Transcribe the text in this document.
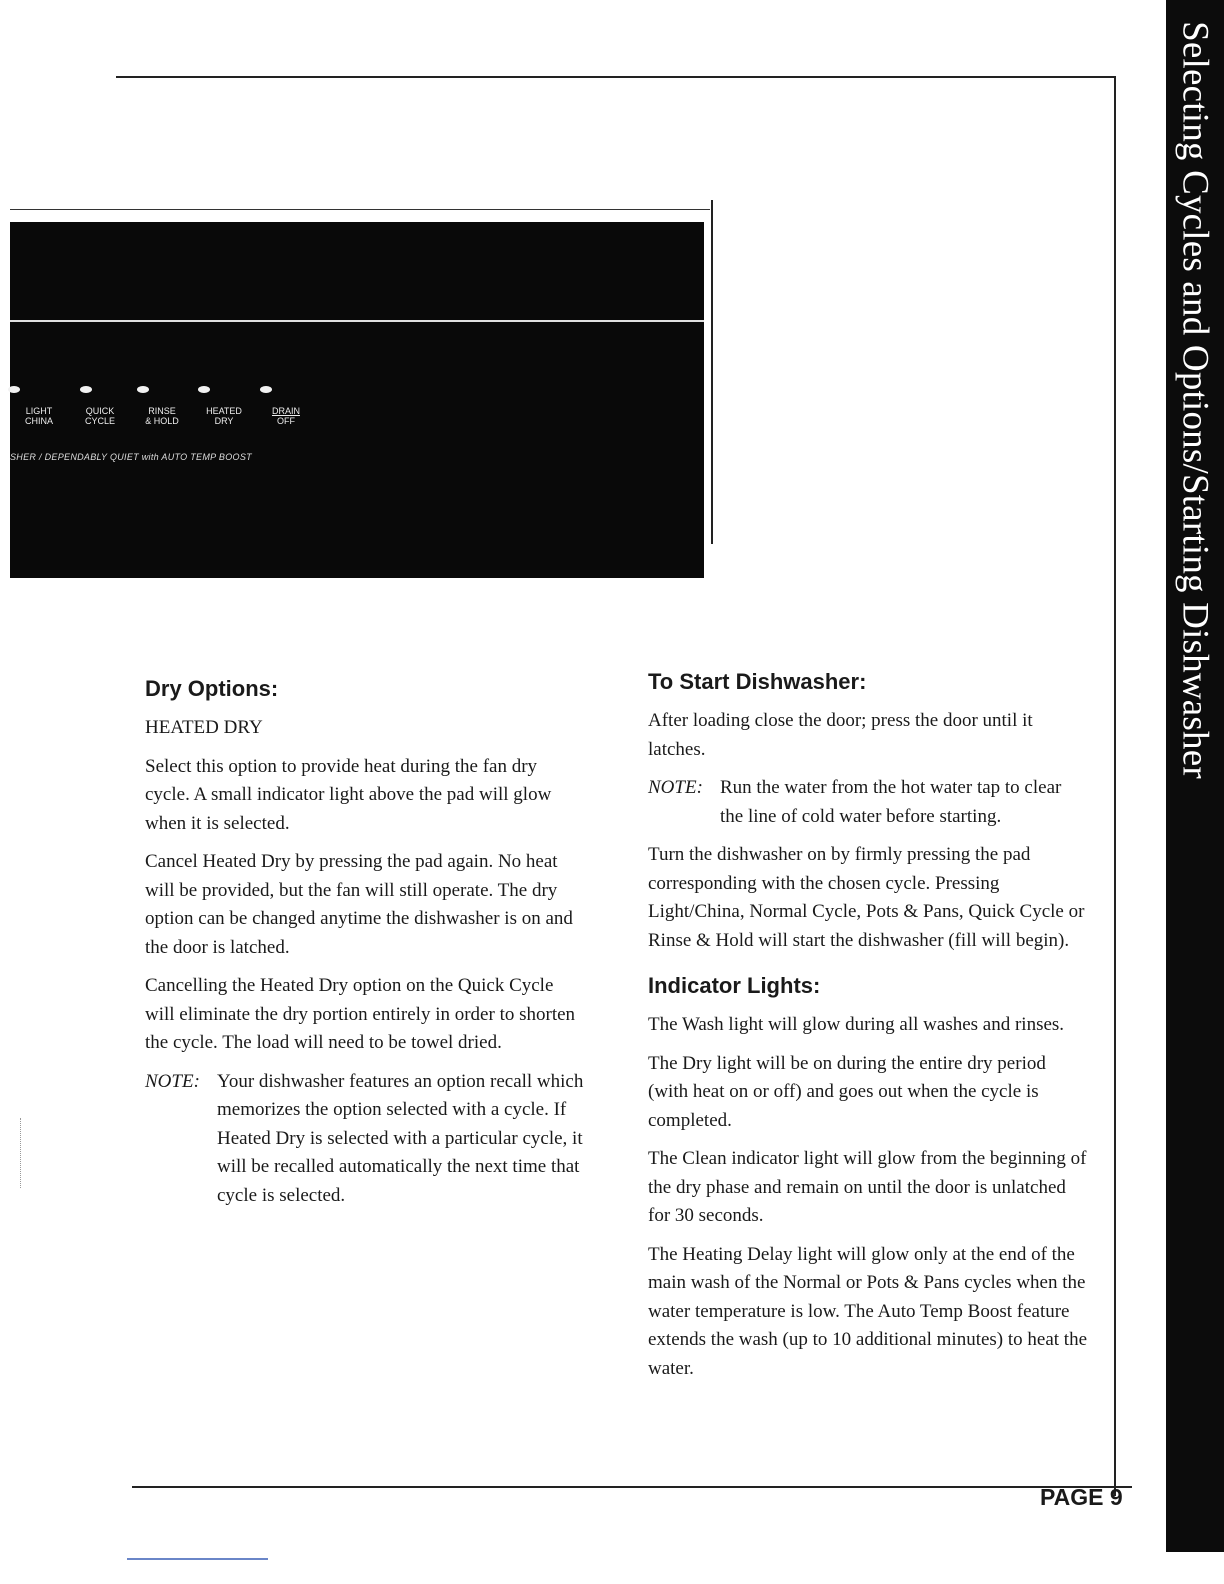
Selecting Cycles and Options/Starting Dishwasher
LIGHT
CHINA
QUICK
CYCLE
RINSE
& HOLD
HEATED
DRY
DRAIN
OFF
SHER / DEPENDABLY QUIET with AUTO TEMP BOOST
Dry Options:

HEATED DRY

Select this option to provide heat during the fan dry cycle. A small indicator light above the pad will glow when it is selected.

Cancel Heated Dry by pressing the pad again. No heat will be provided, but the fan will still operate. The dry option can be changed anytime the dishwasher is on and the door is latched.

Cancelling the Heated Dry option on the Quick Cycle will eliminate the dry portion entirely in order to shorten the cycle. The load will need to be towel dried.

NOTE: Your dishwasher features an option recall which memorizes the option selected with a cycle. If Heated Dry is selected with a particular cycle, it will be recalled automatically the next time that cycle is selected.
To Start Dishwasher:

After loading close the door; press the door until it latches.

NOTE: Run the water from the hot water tap to clear the line of cold water before starting.

Turn the dishwasher on by firmly pressing the pad corresponding with the chosen cycle. Pressing Light/China, Normal Cycle, Pots & Pans, Quick Cycle or Rinse & Hold will start the dishwasher (fill will begin).

Indicator Lights:

The Wash light will glow during all washes and rinses.

The Dry light will be on during the entire dry period (with heat on or off) and goes out when the cycle is completed.

The Clean indicator light will glow from the beginning of the dry phase and remain on until the door is unlatched for 30 seconds.

The Heating Delay light will glow only at the end of the main wash of the Normal or Pots & Pans cycles when the water temperature is low. The Auto Temp Boost feature extends the wash (up to 10 additional minutes) to heat the water.

PAGE 9
